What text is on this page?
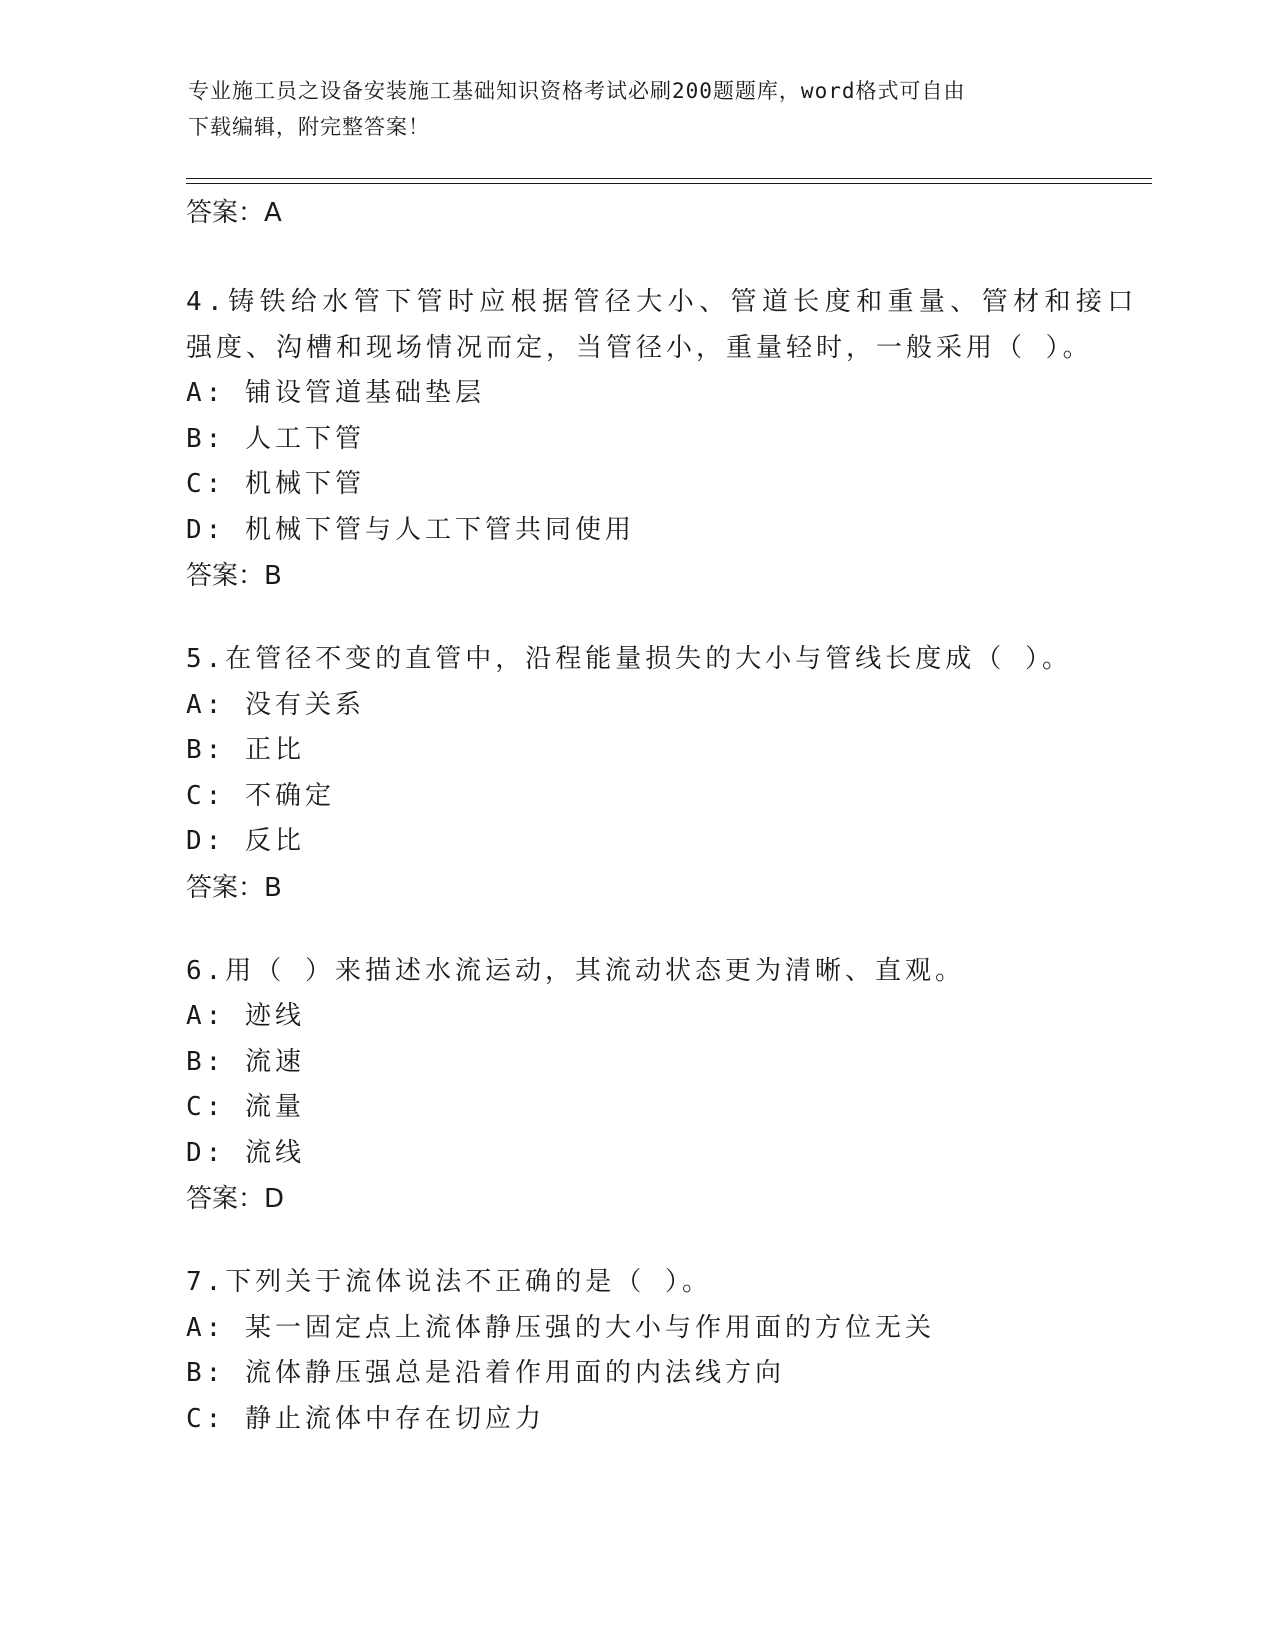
专业施工员之设备安装施工基础知识资格考试必刷200题题库，word格式可自由
下载编辑，附完整答案！
答案：A
4.铸铁给水管下管时应根据管径大小、管道长度和重量、管材和接口
强度、沟槽和现场情况而定，当管径小，重量轻时，一般采用（ ）。
A: 铺设管道基础垫层
B: 人工下管
C: 机械下管
D: 机械下管与人工下管共同使用
答案：B
5.在管径不变的直管中，沿程能量损失的大小与管线长度成（ ）。
A: 没有关系
B: 正比
C: 不确定
D: 反比
答案：B
6.用（ ）来描述水流运动，其流动状态更为清晰、直观。
A: 迹线
B: 流速
C: 流量
D: 流线
答案：D
7.下列关于流体说法不正确的是（ ）。
A: 某一固定点上流体静压强的大小与作用面的方位无关
B: 流体静压强总是沿着作用面的内法线方向
C: 静止流体中存在切应力
